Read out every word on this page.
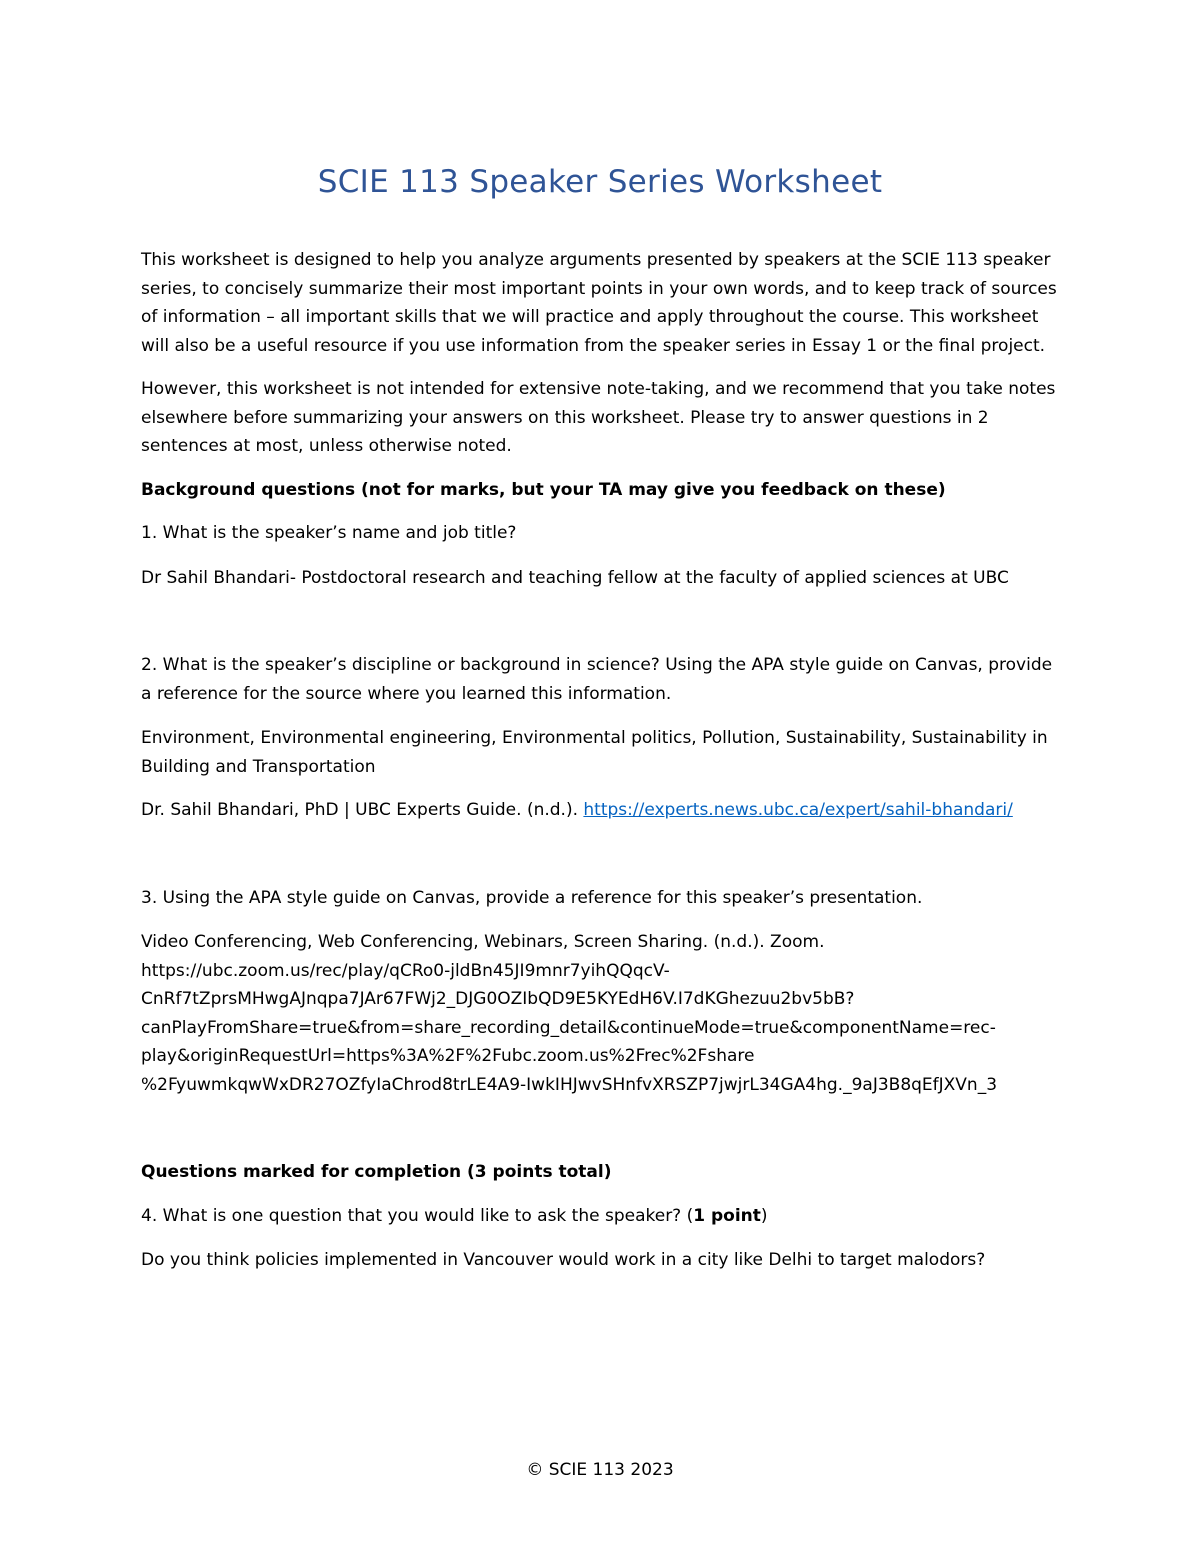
SCIE 113 Speaker Series Worksheet

This worksheet is designed to help you analyze arguments presented by speakers at the SCIE 113 speaker series, to concisely summarize their most important points in your own words, and to keep track of sources of information – all important skills that we will practice and apply throughout the course. This worksheet will also be a useful resource if you use information from the speaker series in Essay 1 or the final project.

However, this worksheet is not intended for extensive note-taking, and we recommend that you take notes elsewhere before summarizing your answers on this worksheet. Please try to answer questions in 2 sentences at most, unless otherwise noted.

Background questions (not for marks, but your TA may give you feedback on these)

1. What is the speaker’s name and job title?

Dr Sahil Bhandari- Postdoctoral research and teaching fellow at the faculty of applied sciences at UBC

2. What is the speaker’s discipline or background in science? Using the APA style guide on Canvas, provide a reference for the source where you learned this information.

Environment, Environmental engineering, Environmental politics, Pollution, Sustainability, Sustainability in Building and Transportation

Dr. Sahil Bhandari, PhD | UBC Experts Guide. (n.d.). https://experts.news.ubc.ca/expert/sahil-bhandari/

3. Using the APA style guide on Canvas, provide a reference for this speaker’s presentation.

Video Conferencing, Web Conferencing, Webinars, Screen Sharing. (n.d.). Zoom.
https://ubc.zoom.us/rec/play/qCRo0-jldBn45JI9mnr7yihQQqcV-
CnRf7tZprsMHwgAJnqpa7JAr67FWj2_DJG0OZIbQD9E5KYEdH6V.I7dKGhezuu2bv5bB?
canPlayFromShare=true&from=share_recording_detail&continueMode=true&componentName=rec-
play&originRequestUrl=https%3A%2F%2Fubc.zoom.us%2Frec%2Fshare
%2FyuwmkqwWxDR27OZfyIaChrod8trLE4A9-IwkIHJwvSHnfvXRSZP7jwjrL34GA4hg._9aJ3B8qEfJXVn_3

Questions marked for completion (3 points total)

4. What is one question that you would like to ask the speaker? (1 point)

Do you think policies implemented in Vancouver would work in a city like Delhi to target malodors?

© SCIE 113 2023
